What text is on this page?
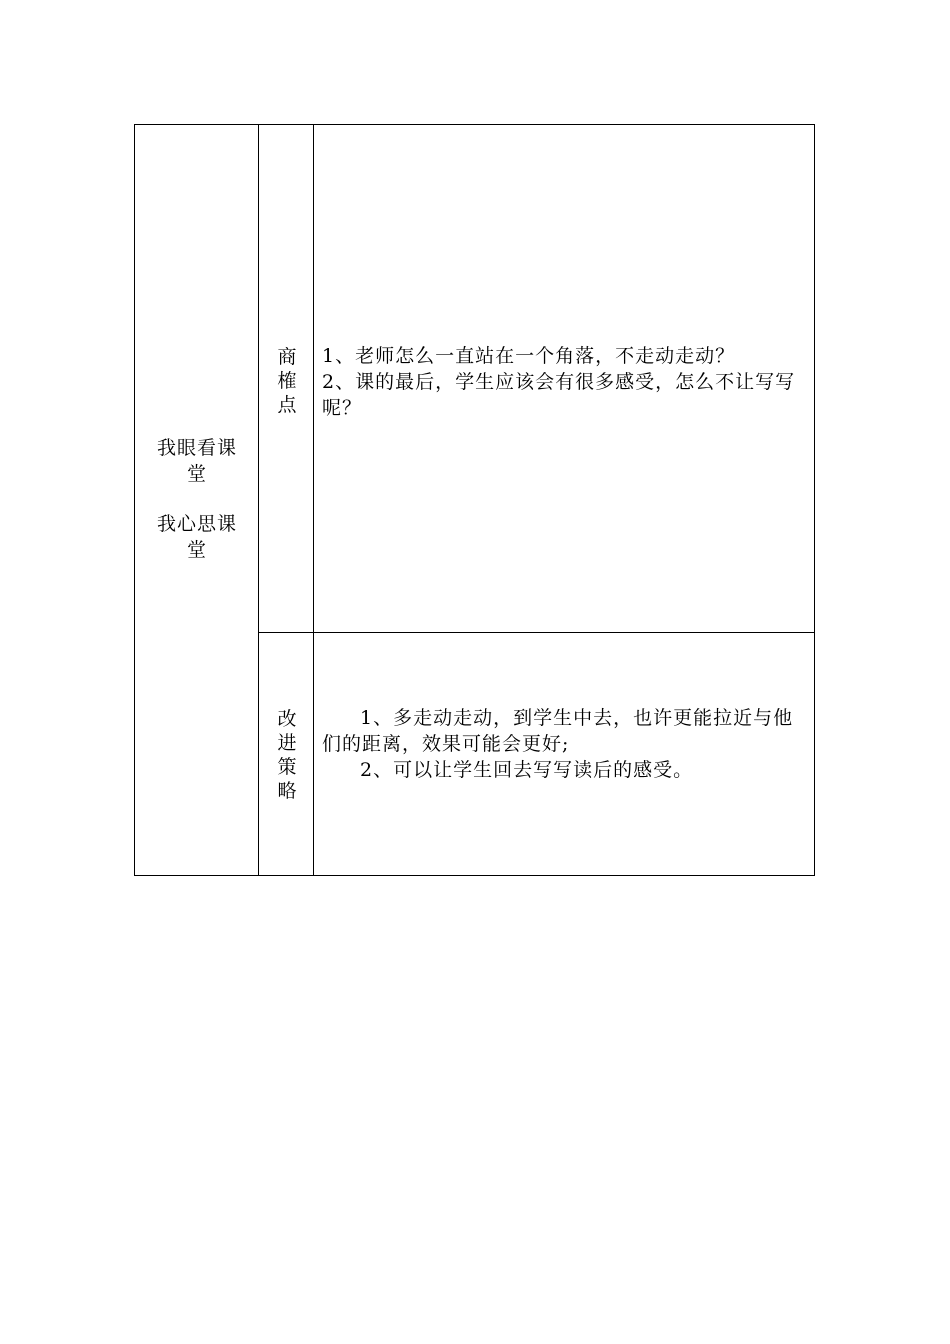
我眼看课
堂
我心思课
堂
商
榷
点

1、老师怎么一直站在一个角落，不走动走动？

2、课的最后，学生应该会有很多感受，怎么不让写写呢？

改
进
策
略

1、多走动走动，到学生中去，也许更能拉近与他们的距离，效果可能会更好;

2、可以让学生回去写写读后的感受。
